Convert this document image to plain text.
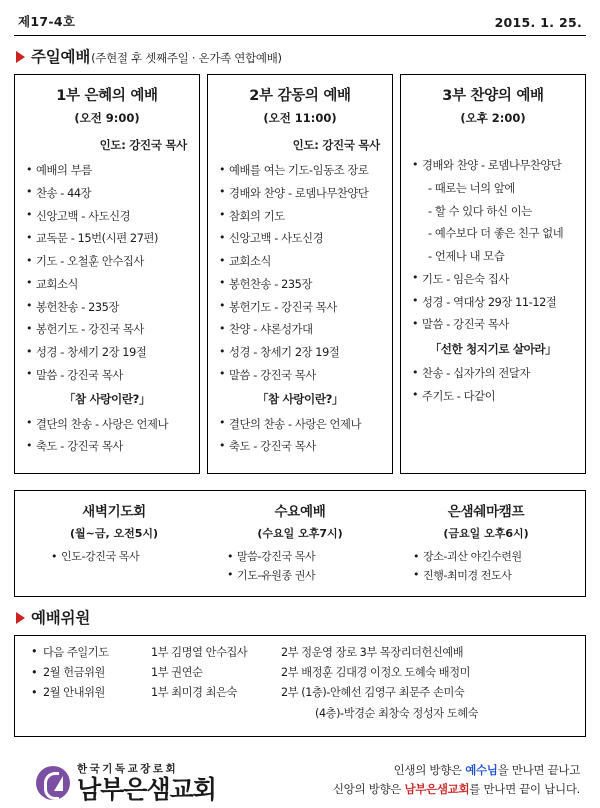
제17-4호	2015. 1. 25.
주일예배 (주현절 후 셋째주일 · 온가족 연합예배)
1부 은혜의 예배
(오전 9:00)
인도: 강진국 목사
• 예배의 부름
• 찬송 - 44장
• 신앙고백 - 사도신경
• 교독문 - 15번(시편 27편)
• 기도 - 오철훈 안수집사
• 교회소식
• 봉헌찬송 - 235장
• 봉헌기도 - 강진국 목사
• 성경 - 창세기 2장 19절
• 말씀 - 강진국 목사
「참 사랑이란?」
• 결단의 찬송 - 사랑은 언제나
• 축도 - 강진국 목사
2부 감동의 예배
(오전 11:00)
인도: 강진국 목사
• 예배를 여는 기도-임동조 장로
• 경배와 찬양 - 로뎀나무찬양단
• 참회의 기도
• 신앙고백 - 사도신경
• 교회소식
• 봉헌찬송 - 235장
• 봉헌기도 - 강진국 목사
• 찬양 - 샤론성가대
• 성경 - 창세기 2장 19절
• 말씀 - 강진국 목사
「참 사랑이란?」
• 결단의 찬송 - 사랑은 언제나
• 축도 - 강진국 목사
3부 찬양의 예배
(오후 2:00)
• 경배와 찬양 - 로뎀나무찬양단
- 때로는 너의 앞에
- 할 수 있다 하신 이는
- 예수보다 더 좋은 친구 없네
- 언제나 내 모습
• 기도 - 임은숙 집사
• 성경 - 역대상 29장 11-12절
• 말씀 - 강진국 목사
「선한 청지기로 살아라」
• 찬송 - 십자가의 전달자
• 주기도 - 다같이
새벽기도회
(월~금, 오전5시)
• 인도-강진국 목사
수요예배
(수요일 오후7시)
• 말씀-강진국 목사
• 기도-유원종 권사
은샘쉐마캠프
(금요일 오후6시)
• 장소-괴산 야긴수련원
• 진행-최미경 전도사
예배위원
• 다음 주일기도	1부 김명열 안수집사	2부 정운영 장로 3부 목장리더헌신예배
• 2월 헌금위원	1부 권연순	2부 배정훈 김대경 이정오 도혜숙 배정미
• 2월 안내위원	1부 최미경 최은숙	2부 (1층)-안혜선 김영구 최문주 손미숙
(4층)-박경순 최창숙 정성자 도혜숙
한국기독교장로회
남부은샘교회
인생의 방향은 예수님을 만나면 끝나고
신앙의 방향은 남부은샘교회를 만나면 끝이 납니다.
